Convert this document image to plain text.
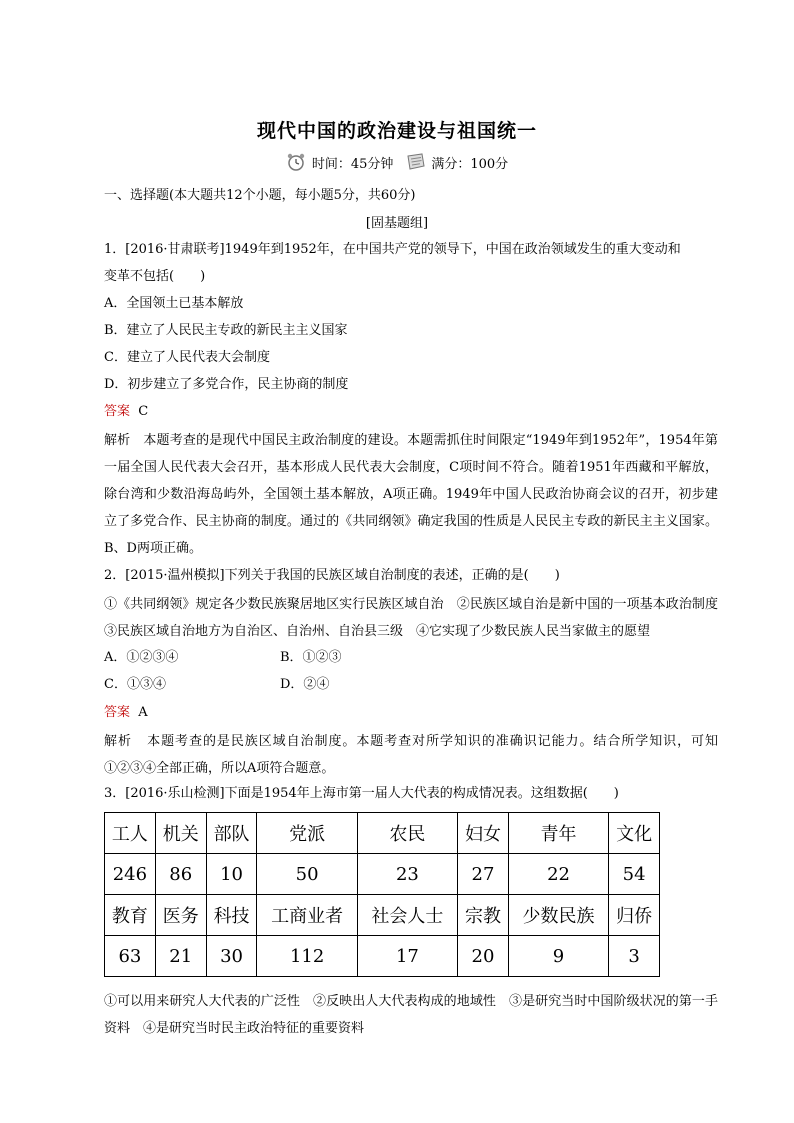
现代中国的政治建设与祖国统一
时间：45分钟	满分：100分
一、选择题(本大题共12个小题，每小题5分，共60分)
[固基题组]
1．[2016·甘肃联考]1949年到1952年，在中国共产党的领导下，中国在政治领域发生的重大变动和
变革不包括(　　)
A．全国领土已基本解放
B．建立了人民民主专政的新民主主义国家
C．建立了人民代表大会制度
D．初步建立了多党合作，民主协商的制度
答案 C
解析 本题考查的是现代中国民主政治制度的建设。本题需抓住时间限定“1949年到1952年”，1954年第一届全国人民代表大会召开，基本形成人民代表大会制度，C项时间不符合。随着1951年西藏和平解放，除台湾和少数沿海岛屿外，全国领土基本解放，A项正确。1949年中国人民政治协商会议的召开，初步建立了多党合作、民主协商的制度。通过的《共同纲领》确定我国的性质是人民民主专政的新民主主义国家。B、D两项正确。
2．[2015·温州模拟]下列关于我国的民族区域自治制度的表述，正确的是(　　)
①《共同纲领》规定各少数民族聚居地区实行民族区域自治　②民族区域自治是新中国的一项基本政治制度　③民族区域自治地方为自治区、自治州、自治县三级　④它实现了少数民族人民当家做主的愿望
A．①②③④	B．①②③
C．①③④	D．②④
答案 A
解析 本题考查的是民族区域自治制度。本题考查对所学知识的准确识记能力。结合所学知识，可知①②③④全部正确，所以A项符合题意。
3．[2016·乐山检测]下面是1954年上海市第一届人大代表的构成情况表。这组数据(　　)
工人	机关	部队	党派	农民	妇女	青年	文化
246	86	10	50	23	27	22	54
教育	医务	科技	工商业者	社会人士	宗教	少数民族	归侨
63	21	30	112	17	20	9	3
①可以用来研究人大代表的广泛性　②反映出人大代表构成的地域性　③是研究当时中国阶级状况的第一手资料　④是研究当时民主政治特征的重要资料
